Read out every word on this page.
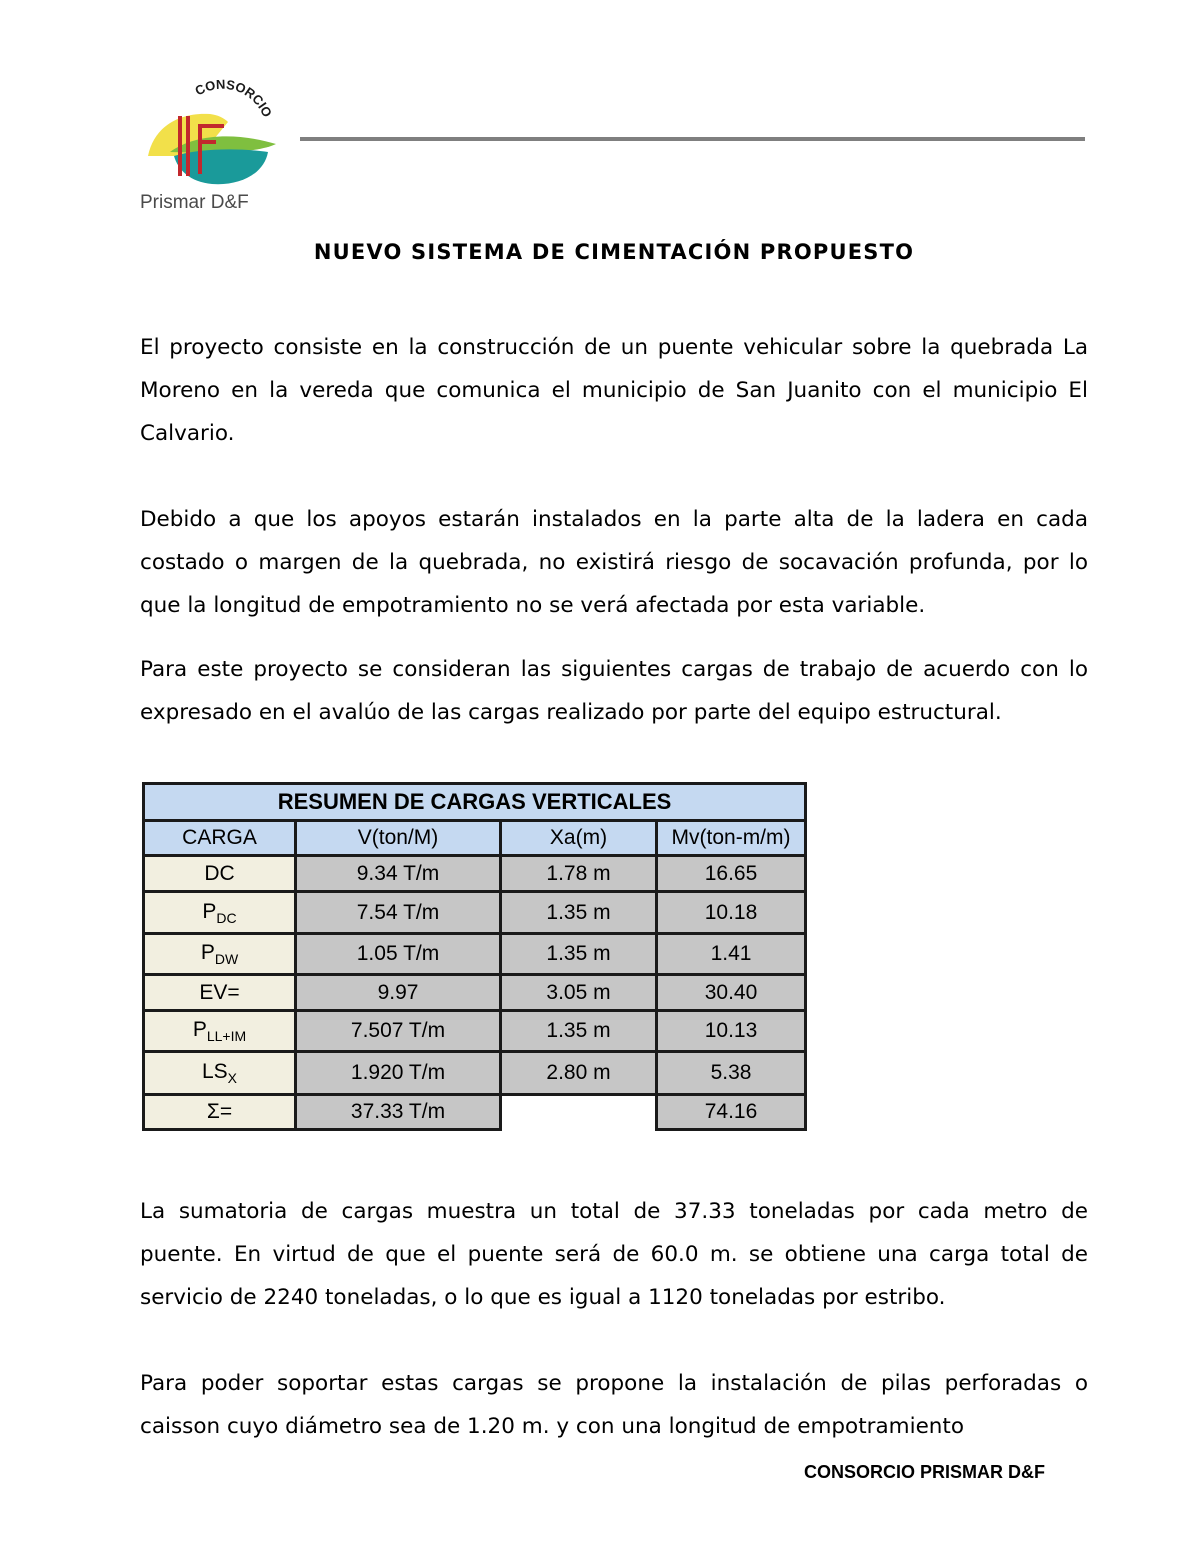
CONSORCIO
Prismar D&F
NUEVO SISTEMA DE CIMENTACIÓN PROPUESTO

El proyecto consiste en la construcción de un puente vehicular sobre la quebrada La Moreno en la vereda que comunica el municipio de San Juanito con el municipio El Calvario.

Debido a que los apoyos estarán instalados en la parte alta de la ladera en cada costado o margen de la quebrada, no existirá riesgo de socavación profunda, por lo que la longitud de empotramiento no se verá afectada por esta variable.

Para este proyecto se consideran las siguientes cargas de trabajo de acuerdo con lo expresado en el avalúo de las cargas realizado por parte del equipo estructural.

RESUMEN DE CARGAS VERTICALES			
CARGA	V(ton/M)	Xa(m)	Mv(ton-m/m)
DC	9.34 T/m	1.78 m	16.65
$P_{DC}$	7.54 T/m	1.35 m	10.18
$P_{DW}$	1.05 T/m	1.35 m	1.41
EV=	9.97	3.05 m	30.40
$P_{LL+IM}$	7.507 T/m	1.35 m	10.13
$LS_X$	1.920 T/m	2.80 m	5.38
Σ=	37.33 T/m		74.16

La sumatoria de cargas muestra un total de 37.33 toneladas por cada metro de puente. En virtud de que el puente será de 60.0 m. se obtiene una carga total de servicio de 2240 toneladas, o lo que es igual a 1120 toneladas por estribo.

Para poder soportar estas cargas se propone la instalación de pilas perforadas o caisson cuyo diámetro sea de 1.20 m. y con una longitud de empotramiento

CONSORCIO PRISMAR D&F
